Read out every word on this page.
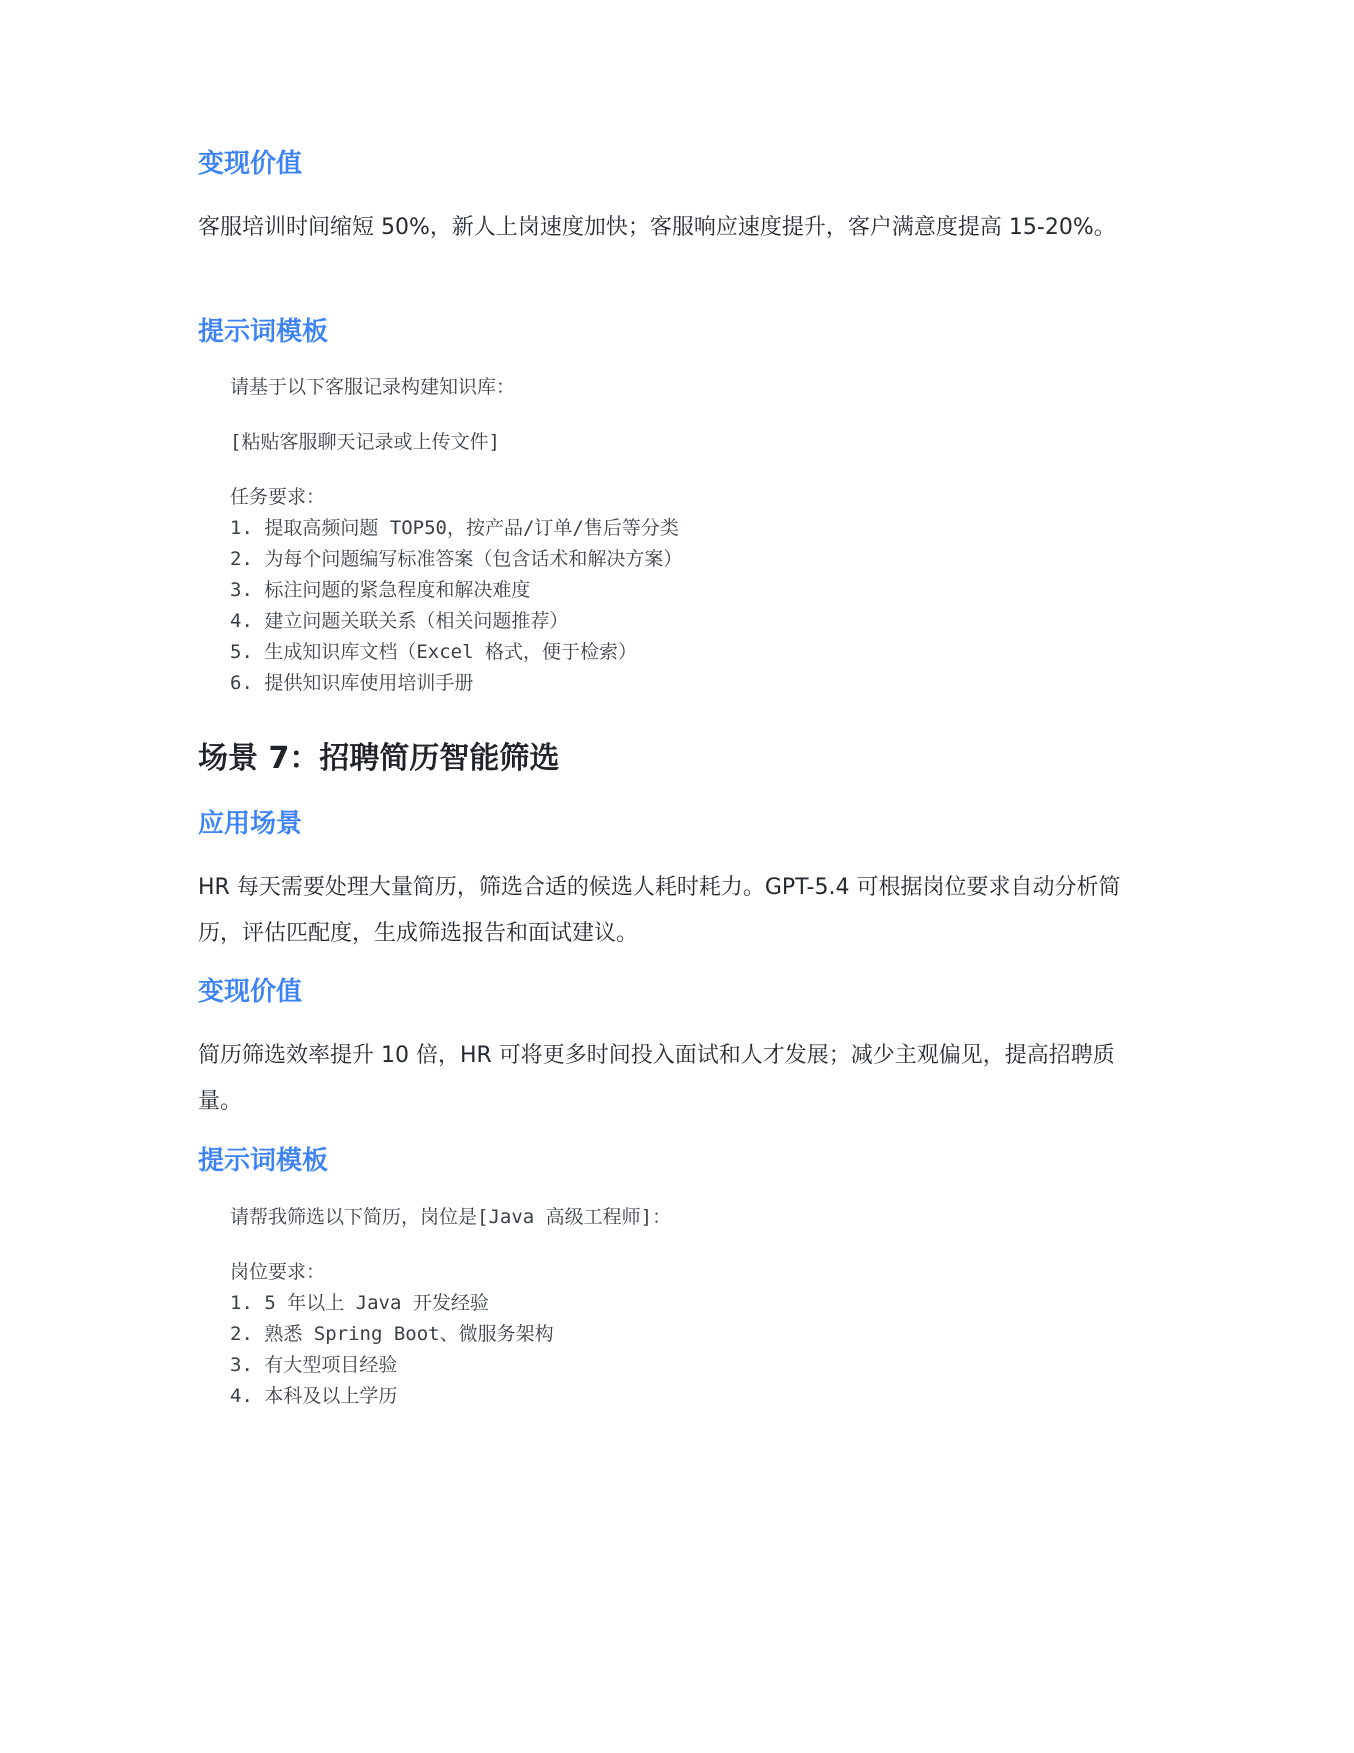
变现价值

客服培训时间缩短 50%，新人上岗速度加快；客服响应速度提升，客户满意度提高 15-20%。

提示词模板
请基于以下客服记录构建知识库：
[粘贴客服聊天记录或上传文件]
任务要求：
1. 提取高频问题 TOP50，按产品/订单/售后等分类
2. 为每个问题编写标准答案（包含话术和解决方案）
3. 标注问题的紧急程度和解决难度
4. 建立问题关联关系（相关问题推荐）
5. 生成知识库文档（Excel 格式，便于检索）
6. 提供知识库使用培训手册
场景 7：招聘简历智能筛选
应用场景

HR 每天需要处理大量简历，筛选合适的候选人耗时耗力。GPT-5.4 可根据岗位要求自动分析简历，评估匹配度，生成筛选报告和面试建议。

变现价值

简历筛选效率提升 10 倍，HR 可将更多时间投入面试和人才发展；减少主观偏见，提高招聘质量。

提示词模板
请帮我筛选以下简历，岗位是[Java 高级工程师]：
岗位要求：
1. 5 年以上 Java 开发经验
2. 熟悉 Spring Boot、微服务架构
3. 有大型项目经验
4. 本科及以上学历
